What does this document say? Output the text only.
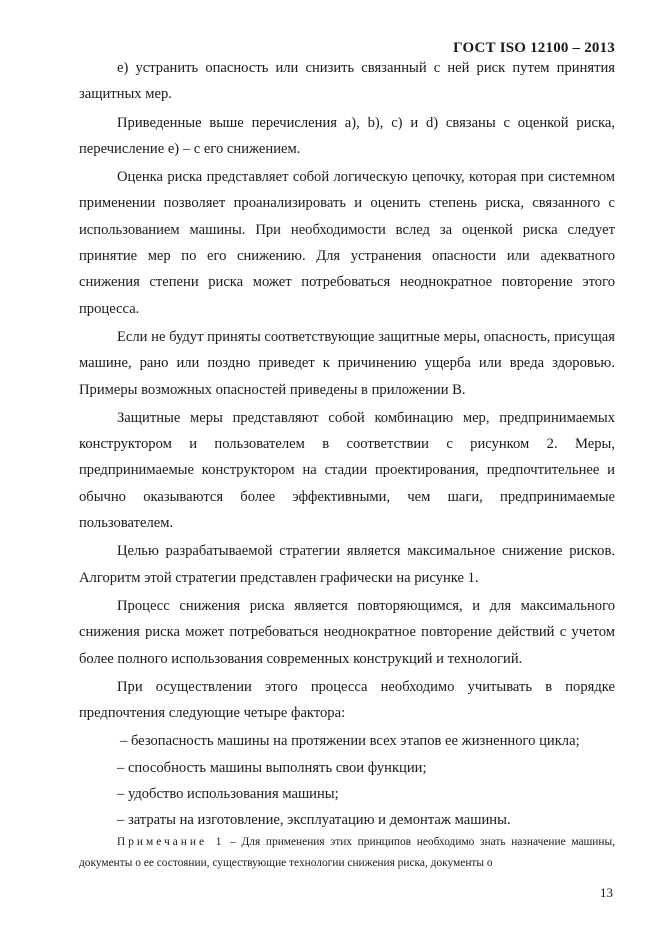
ГОСТ ISO 12100 – 2013

е) устранить опасность или снизить связанный с ней риск путем принятия защитных мер.

Приведенные выше перечисления а), b), c) и d) связаны с оценкой риска, перечисление е) – с его снижением.

Оценка риска представляет собой логическую цепочку, которая при системном применении позволяет проанализировать и оценить степень риска, связанного с использованием машины. При необходимости вслед за оценкой риска следует принятие мер по его снижению. Для устранения опасности или адекватного снижения степени риска может потребоваться неоднократное повторение этого процесса.

Если не будут приняты соответствующие защитные меры, опасность, присущая машине, рано или поздно приведет к причинению ущерба или вреда здоровью. Примеры возможных опасностей приведены в приложении В.

Защитные меры представляют собой комбинацию мер, предпринимаемых конструктором и пользователем в соответствии с рисунком 2. Меры, предпринимаемые конструктором на стадии проектирования, предпочтительнее и обычно оказываются более эффективными, чем шаги, предпринимаемые пользователем.

Целью разрабатываемой стратегии является максимальное снижение рисков. Алгоритм этой стратегии представлен графически на рисунке 1.

Процесс снижения риска является повторяющимся, и для максимального снижения риска может потребоваться неоднократное повторение действий с учетом более полного использования современных конструкций и технологий.

При осуществлении этого процесса необходимо учитывать в порядке предпочтения следующие четыре фактора:

– безопасность машины на протяжении всех этапов ее жизненного цикла;

– способность машины выполнять свои функции;

– удобство использования машины;

– затраты на изготовление, эксплуатацию и демонтаж машины.

Примечание 1 – Для применения этих принципов необходимо знать назначение машины, документы о ее состоянии, существующие технологии снижения риска, документы о
13
